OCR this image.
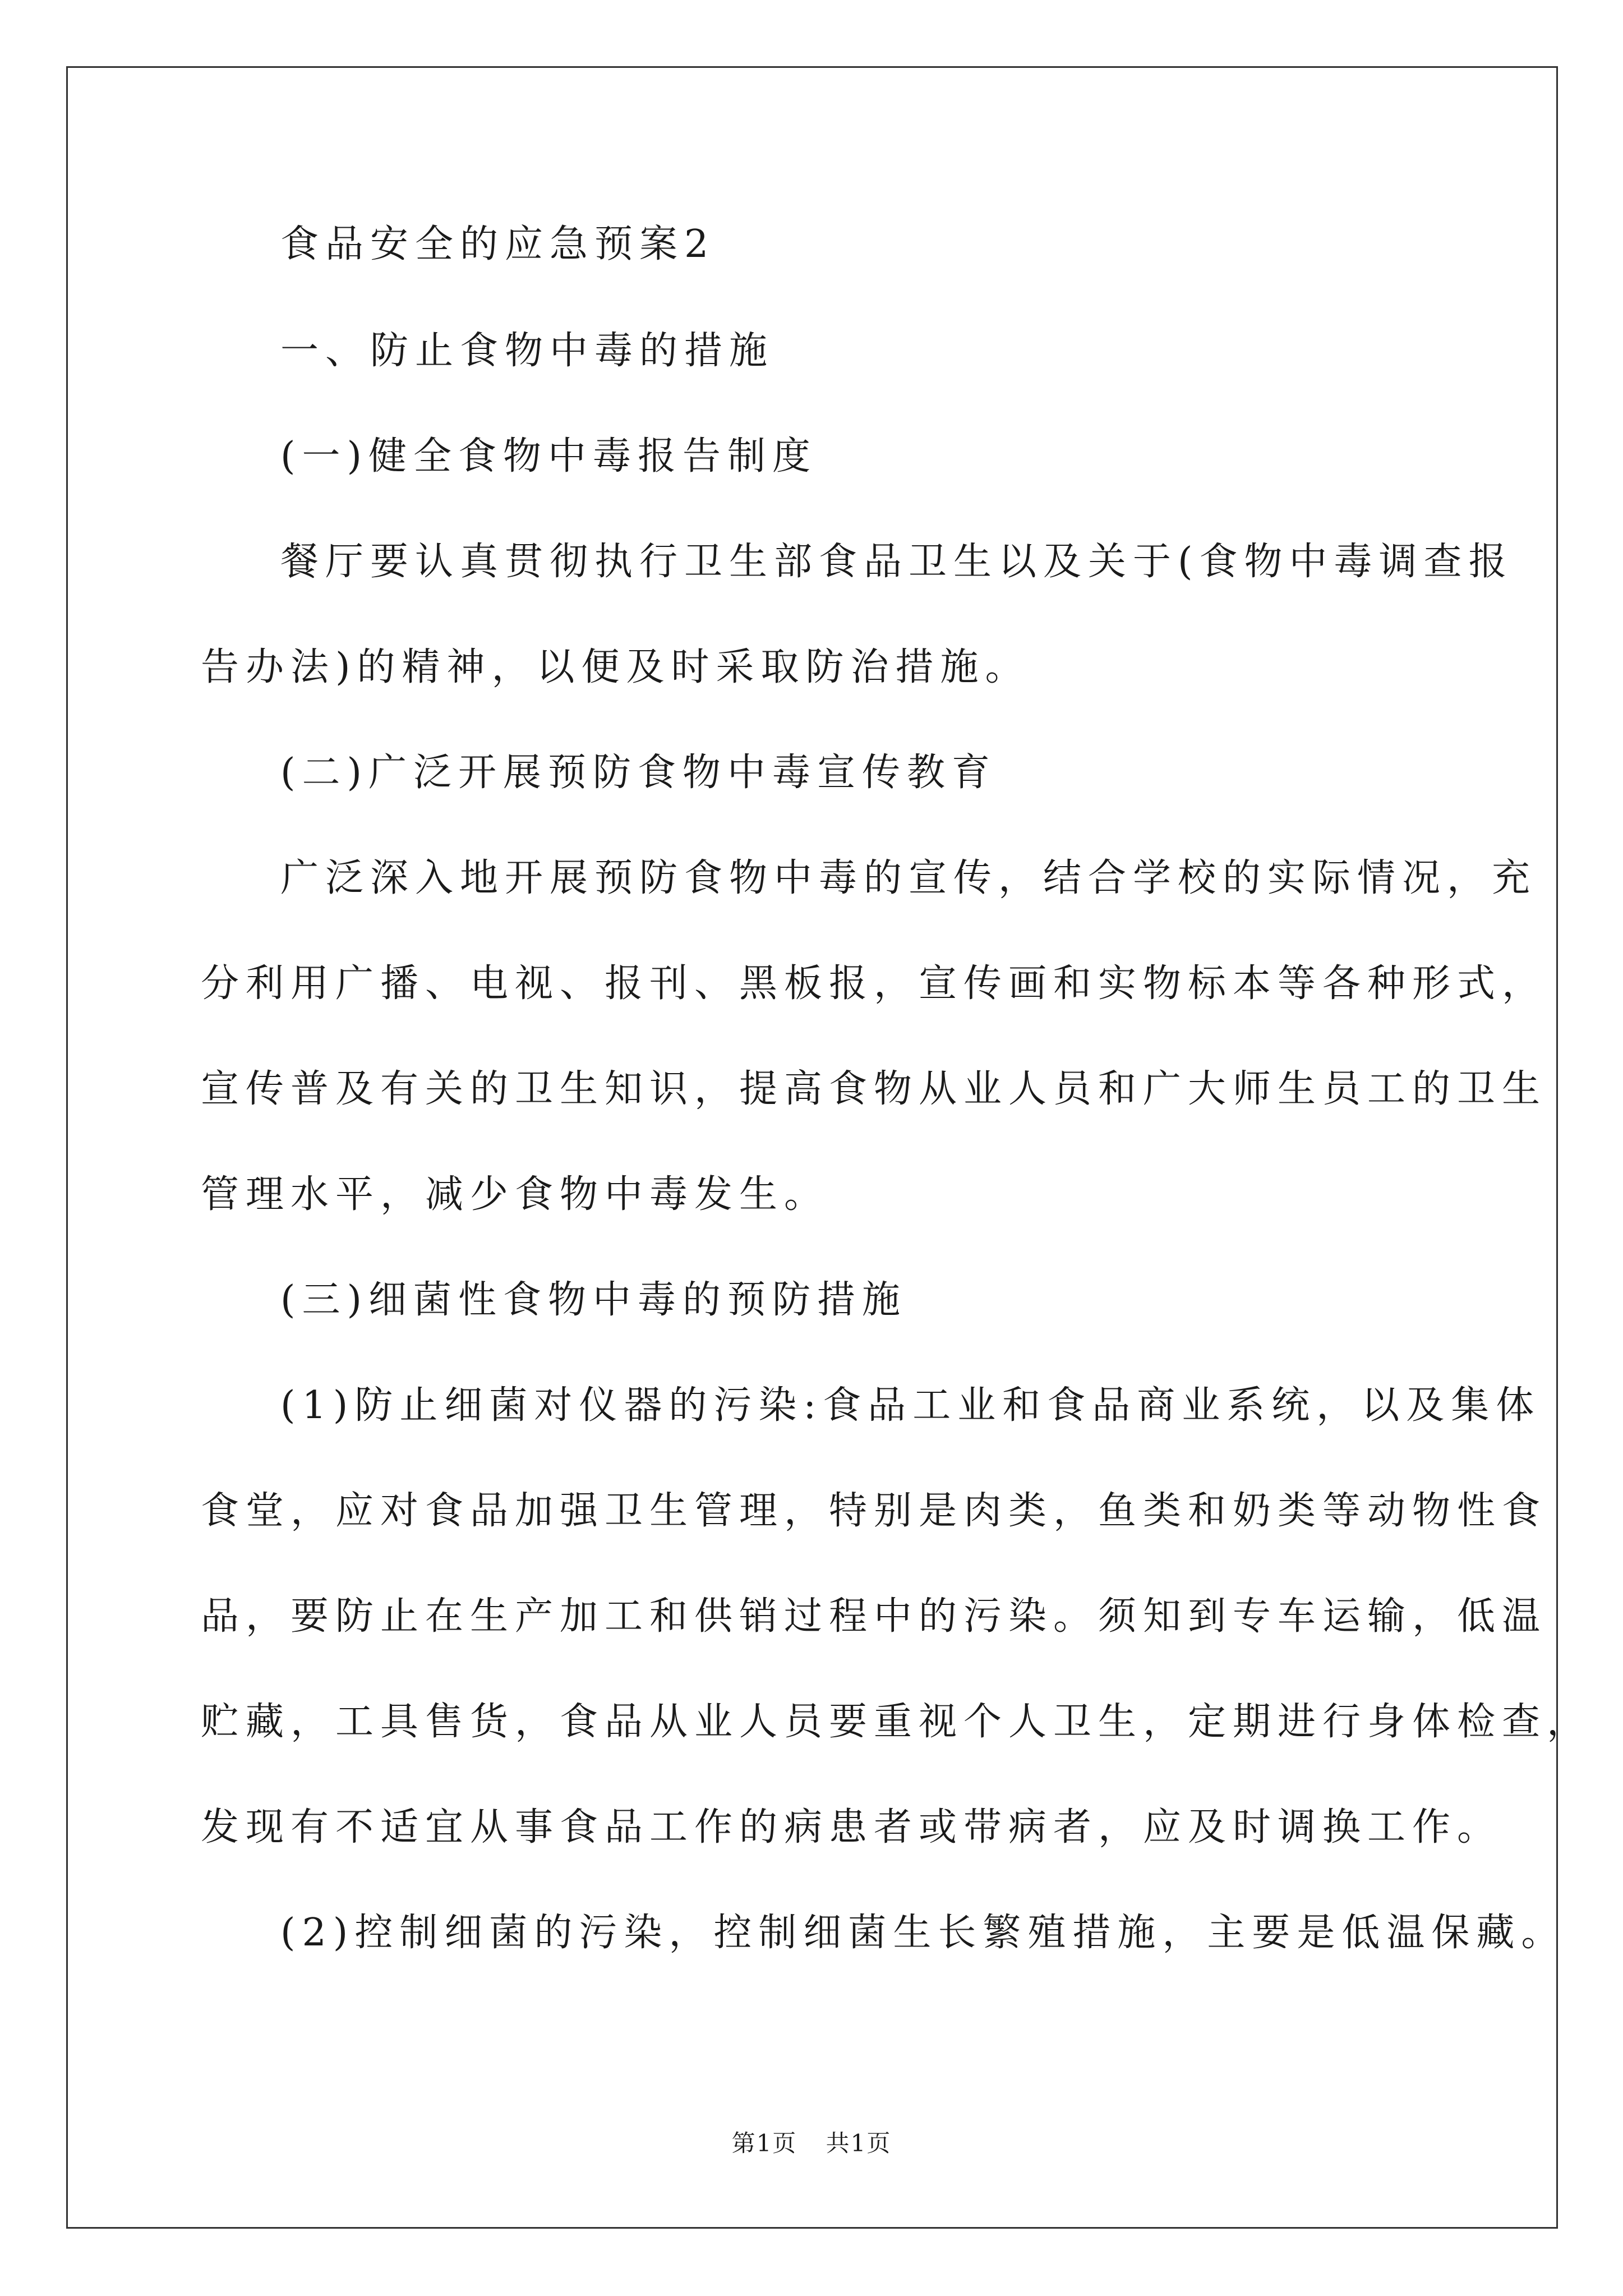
食品安全的应急预案2
一、防止食物中毒的措施
(一)健全食物中毒报告制度
餐厅要认真贯彻执行卫生部食品卫生以及关于(食物中毒调查报
告办法)的精神，以便及时采取防治措施。
(二)广泛开展预防食物中毒宣传教育
广泛深入地开展预防食物中毒的宣传，结合学校的实际情况，充
分利用广播、电视、报刊、黑板报，宣传画和实物标本等各种形式，
宣传普及有关的卫生知识，提高食物从业人员和广大师生员工的卫生
管理水平，减少食物中毒发生。
(三)细菌性食物中毒的预防措施
(1)防止细菌对仪器的污染:食品工业和食品商业系统，以及集体
食堂，应对食品加强卫生管理，特别是肉类，鱼类和奶类等动物性食
品，要防止在生产加工和供销过程中的污染。须知到专车运输，低温
贮藏，工具售货，食品从业人员要重视个人卫生，定期进行身体检查，
发现有不适宜从事食品工作的病患者或带病者，应及时调换工作。
(2)控制细菌的污染，控制细菌生长繁殖措施，主要是低温保藏。
第1页 共1页
